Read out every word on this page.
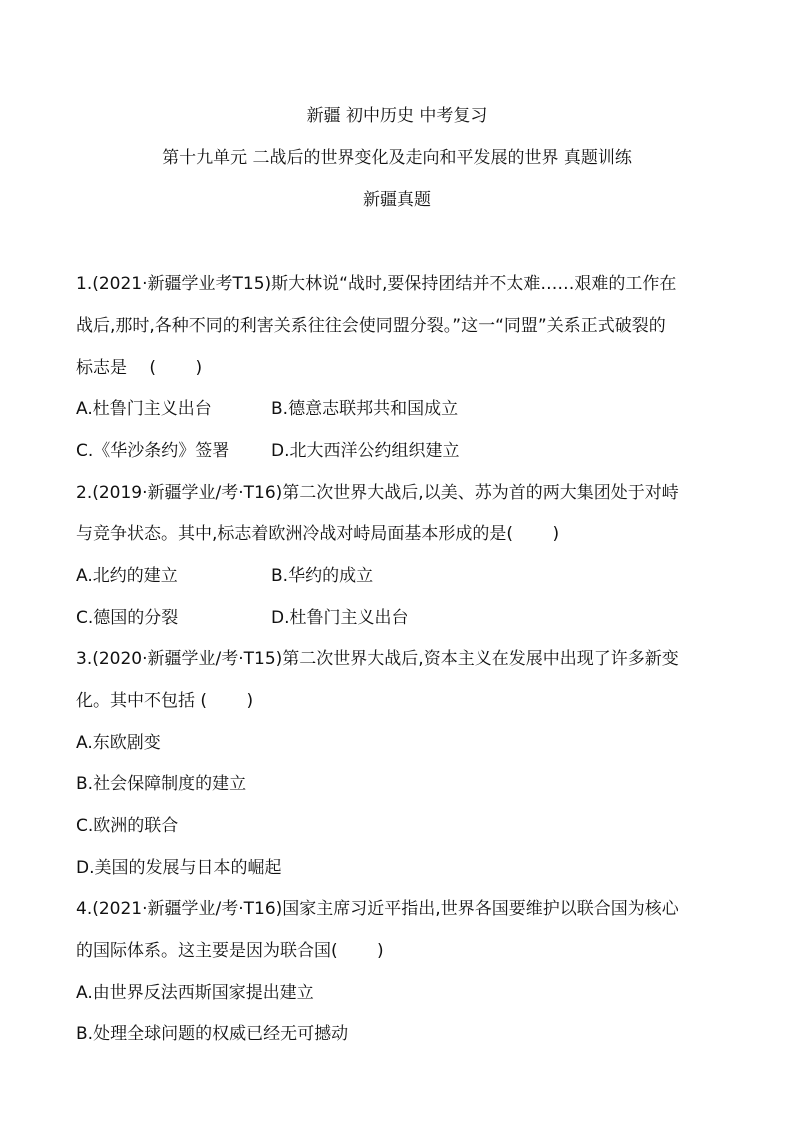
新疆 初中历史 中考复习
第十九单元 二战后的世界变化及走向和平发展的世界 真题训练
新疆真题
1.(2021·新疆学业考T15)斯大林说“战时,要保持团结并不太难……艰难的工作在
战后,那时,各种不同的利害关系往往会使同盟分裂。”这一“同盟”关系正式破裂的
标志是　 (　　 )
A.杜鲁门主义出台	B.德意志联邦共和国成立
C.《华沙条约》签署 D.北大西洋公约组织建立
2.(2019·新疆学业/考·T16)第二次世界大战后,以美、苏为首的两大集团处于对峙
与竞争状态。其中,标志着欧洲冷战对峙局面基本形成的是(　　 )
A.北约的建立	B.华约的成立
C.德国的分裂	D.杜鲁门主义出台
3.(2020·新疆学业/考·T15)第二次世界大战后,资本主义在发展中出现了许多新变
化。其中不包括 (　　 )
A.东欧剧变
B.社会保障制度的建立
C.欧洲的联合
D.美国的发展与日本的崛起
4.(2021·新疆学业/考·T16)国家主席习近平指出,世界各国要维护以联合国为核心
的国际体系。这主要是因为联合国(　　 )
A.由世界反法西斯国家提出建立
B.处理全球问题的权威已经无可撼动
